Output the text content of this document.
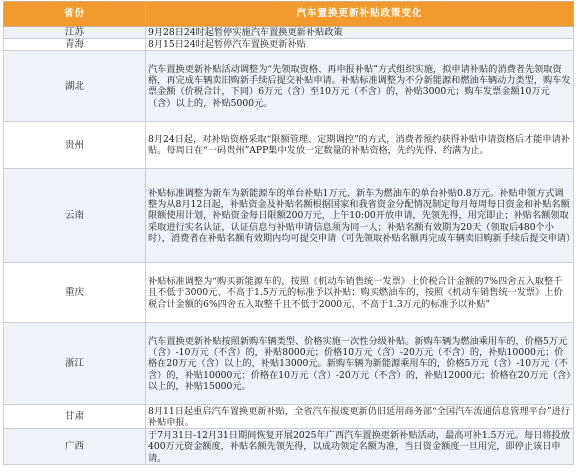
省份	汽车置换更新补贴政策变化
江苏	9月28日24时起暂停实施汽车置换更新补贴政策
青海	8月15日24时起暂停汽车置换更新补贴
湖北	汽车置换更新补贴活动调整为“先领取资格、再申报补贴”方式组织实施，拟申请补贴的消费者先领取资格，再完成车辆卖旧购新手续后提交补贴申请。补贴标准调整为不分新能源和燃油车辆动力类型，购车发票金额（价税合计，下同）6万元（含）至10万元（不含）的，补贴3000元；购车发票金额10万元（含）以上的，补贴5000元。
贵州	8月24日起，对补贴资格采取“限额管理、定期调控”的方式，消费者预约获得补贴申请资格后才能申请补贴。每周日在“一码贵州”APP集中发放一定数量的补贴资格，先约先得、约满为止。
云南	补贴标准调整为新车为新能源车的单台补贴1万元、新车为燃油车的单台补贴0.8万元。补贴申领方式调整为从8月12日起，补贴资金及补贴名额根据国家和我省资金分配情况制定每月每周每日资金和补贴名额限额使用计划，补贴资金每日限额200万元，上午10:00开放申请，先领先得，用完即止；补贴名额领取采取进行实名认证，认证信息与补贴申请信息须为同一人；补贴名额有效期为20天（领取后480个小时），消费者在补贴名额有效期内均可提交申请（可先领取补贴名额再完成车辆卖旧购新手续后提交申请）
重庆	补贴标准调整为“购买新能源车的，按照《机动车销售统一发票》上价税合计金额的7%四舍五入取整千且不低于3000元、不高于1.5万元的标准予以补贴；购买燃油车的，按照《机动车销售统一发票》上价税合计金额的6%四舍五入取整千且不低于2000元、不高于1.3万元的标准予以补贴”
浙江	汽车置换更新补贴按照新购车辆类型、价格实施一次性分级补贴。新购车辆为燃油乘用车的，价格5万元（含）-10万元（不含）的，补贴8000元；价格10万元（含）-20万元（不含）的，补贴10000元；价格在20万元（含）以上的，补贴13000元。新购车辆为新能源乘用车的，价格5万元（含）-10万元（不含）的，补贴10000元；价格在10万元（含）-20万元（不含）的，补贴12000元；价格在20万元（含）以上的，补贴15000元。
甘肃	8月11日起重启汽车置换更新补贴，全省汽车报废更新仍旧延用商务部“全国汽车流通信息管理平台”进行补贴申报。
广西	于7月31日-12月31日期间恢复开展2025年广西汽车置换更新补贴活动，最高可补1.5万元。每日将投放400万元资金额度，补贴名额先领先得，以成功领定名额为准，当日资金额度一旦用完，即停止该日申请。
